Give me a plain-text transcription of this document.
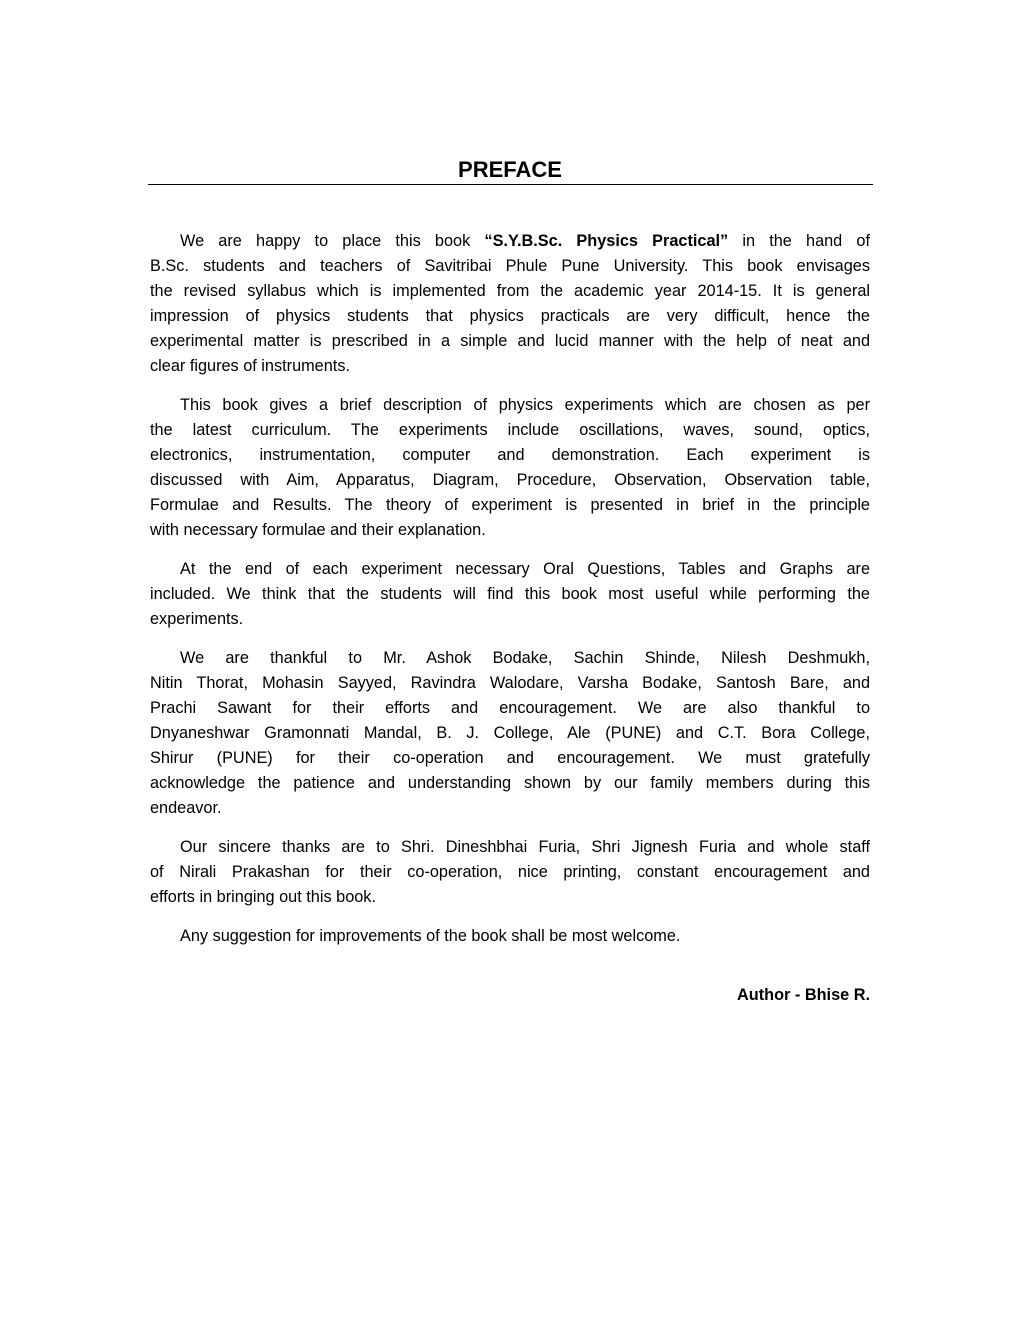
PREFACE
We are happy to place this book “S.Y.B.Sc. Physics Practical” in the hand of
B.Sc. students and teachers of Savitribai Phule Pune University. This book envisages
the revised syllabus which is implemented from the academic year 2014-15. It is general
impression of physics students that physics practicals are very difficult, hence the
experimental matter is prescribed in a simple and lucid manner with the help of neat and
clear figures of instruments.
This book gives a brief description of physics experiments which are chosen as per
the latest curriculum. The experiments include oscillations, waves, sound, optics,
electronics, instrumentation, computer and demonstration. Each experiment is
discussed with Aim, Apparatus, Diagram, Procedure, Observation, Observation table,
Formulae and Results. The theory of experiment is presented in brief in the principle
with necessary formulae and their explanation.
At the end of each experiment necessary Oral Questions, Tables and Graphs are
included. We think that the students will find this book most useful while performing the
experiments.
We are thankful to Mr. Ashok Bodake, Sachin Shinde, Nilesh Deshmukh,
Nitin Thorat, Mohasin Sayyed, Ravindra Walodare, Varsha Bodake, Santosh Bare, and
Prachi Sawant for their efforts and encouragement. We are also thankful to
Dnyaneshwar Gramonnati Mandal, B. J. College, Ale (PUNE) and C.T. Bora College,
Shirur (PUNE) for their co-operation and encouragement. We must gratefully
acknowledge the patience and understanding shown by our family members during this
endeavor.
Our sincere thanks are to Shri. Dineshbhai Furia, Shri Jignesh Furia and whole staff
of Nirali Prakashan for their co-operation, nice printing, constant encouragement and
efforts in bringing out this book.
Any suggestion for improvements of the book shall be most welcome.
Author - Bhise R.
